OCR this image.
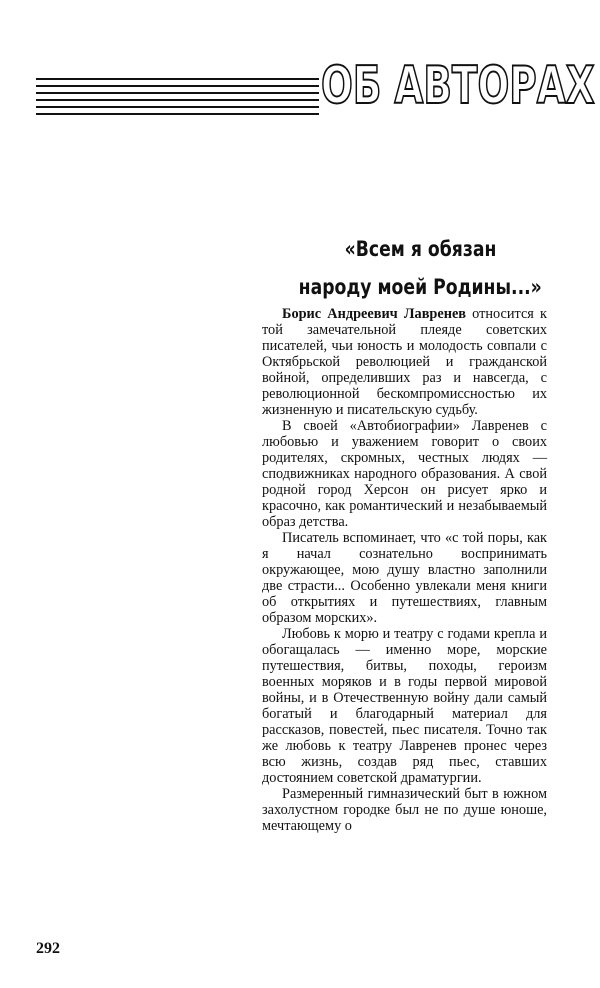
ОБ АВТОРАХ
«Всем я обязан
народу моей Родины...»

Борис Андреевич Лавренев относится к той замечательной плеяде советских писателей, чьи юность и молодость совпали с Октябрьской революцией и гражданской войной, определивших раз и навсегда, с революционной бескомпромиссностью их жизненную и писательскую судьбу.

В своей «Автобиографии» Лавренев с любовью и уважением говорит о своих родителях, скромных, честных людях — сподвижниках народного образования. А свой родной город Херсон он рисует ярко и красочно, как романтический и незабываемый образ детства.

Писатель вспоминает, что «с той поры, как я начал сознательно воспринимать окружающее, мою душу властно заполнили две страсти... Особенно увлекали меня книги об открытиях и путешествиях, главным образом морских».

Любовь к морю и театру с годами крепла и обогащалась — именно море, морские путешествия, битвы, походы, героизм военных моряков и в годы первой мировой войны, и в Отечественную войну дали самый богатый и благодарный материал для рассказов, повестей, пьес писателя. Точно так же любовь к театру Лавренев пронес через всю жизнь, создав ряд пьес, ставших достоянием советской драматургии.

Размеренный гимназический быт в южном захолустном городке был не по душе юноше, мечтающему о

292
